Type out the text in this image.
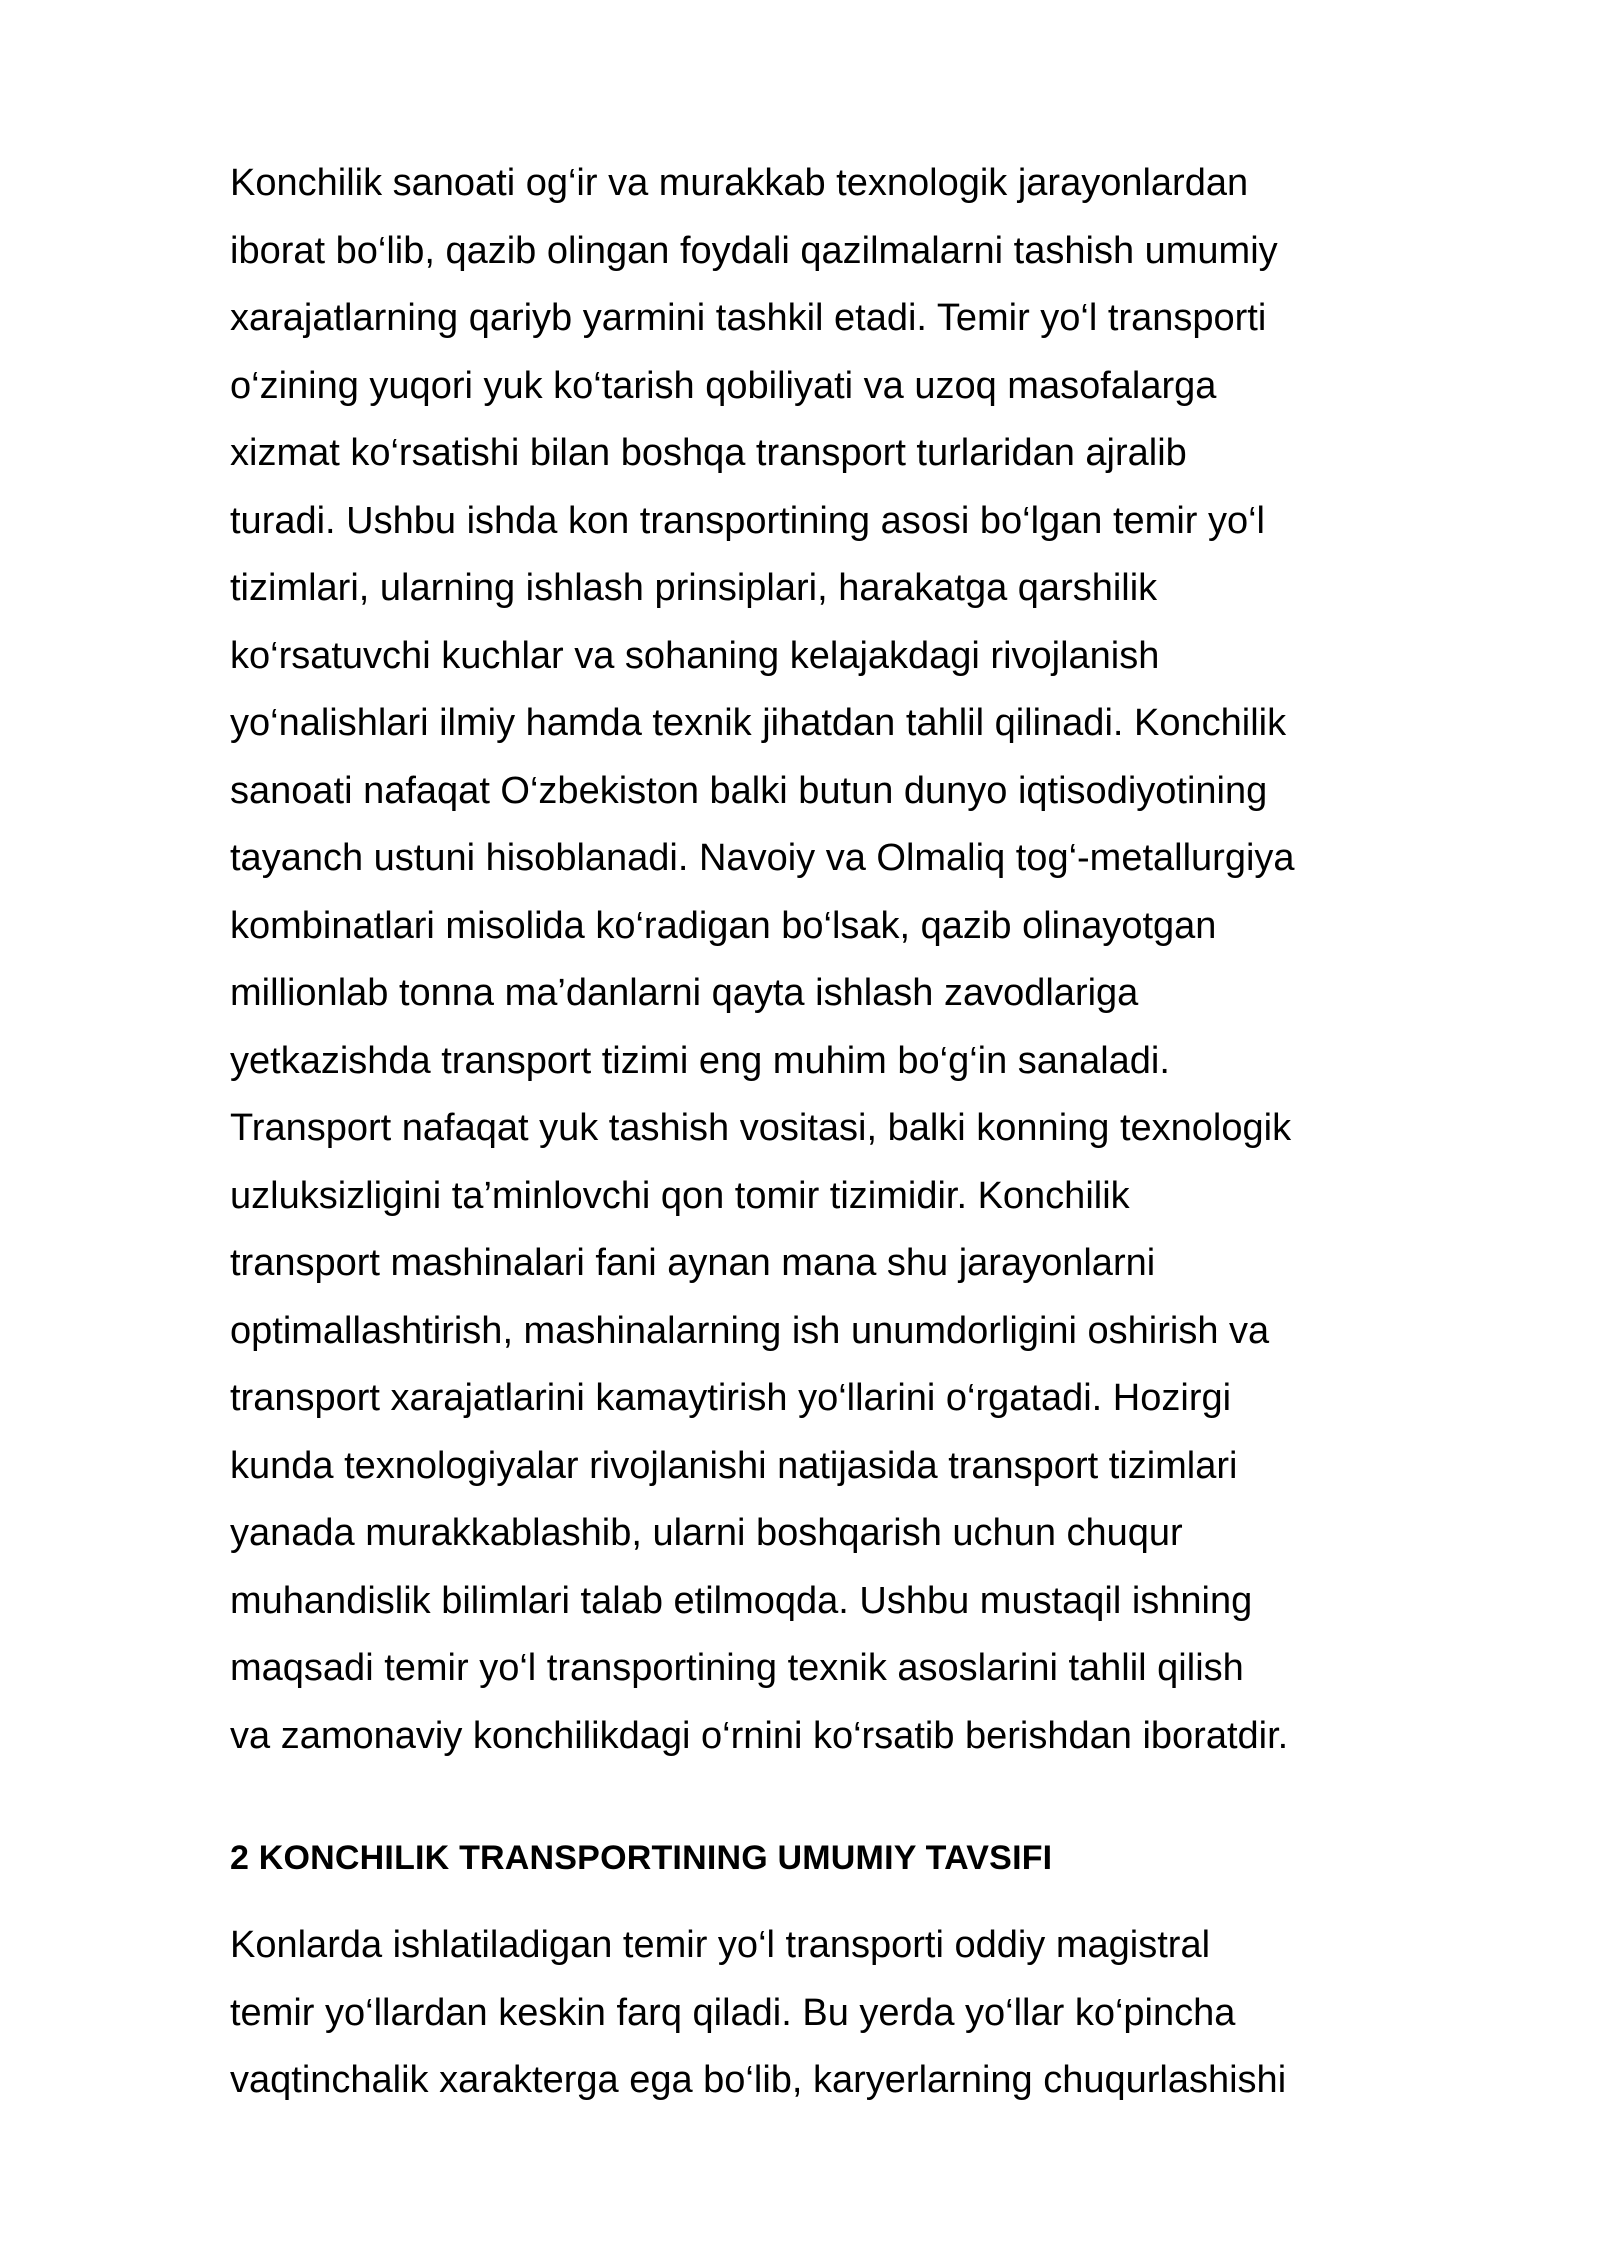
Konchilik sanoati og‘ir va murakkab texnologik jarayonlardan
iborat bo‘lib, qazib olingan foydali qazilmalarni tashish umumiy
xarajatlarning qariyb yarmini tashkil etadi. Temir yo‘l transporti
o‘zining yuqori yuk ko‘tarish qobiliyati va uzoq masofalarga
xizmat ko‘rsatishi bilan boshqa transport turlaridan ajralib
turadi. Ushbu ishda kon transportining asosi bo‘lgan temir yo‘l
tizimlari, ularning ishlash prinsiplari, harakatga qarshilik
ko‘rsatuvchi kuchlar va sohaning kelajakdagi rivojlanish
yo‘nalishlari ilmiy hamda texnik jihatdan tahlil qilinadi. Konchilik
sanoati nafaqat O‘zbekiston balki butun dunyo iqtisodiyotining
tayanch ustuni hisoblanadi. Navoiy va Olmaliq tog‘-metallurgiya
kombinatlari misolida ko‘radigan bo‘lsak, qazib olinayotgan
millionlab tonna ma’danlarni qayta ishlash zavodlariga
yetkazishda transport tizimi eng muhim bo‘g‘in sanaladi.
Transport nafaqat yuk tashish vositasi, balki konning texnologik
uzluksizligini ta’minlovchi qon tomir tizimidir. Konchilik
transport mashinalari fani aynan mana shu jarayonlarni
optimallashtirish, mashinalarning ish unumdorligini oshirish va
transport xarajatlarini kamaytirish yo‘llarini o‘rgatadi. Hozirgi
kunda texnologiyalar rivojlanishi natijasida transport tizimlari
yanada murakkablashib, ularni boshqarish uchun chuqur
muhandislik bilimlari talab etilmoqda. Ushbu mustaqil ishning
maqsadi temir yo‘l transportining texnik asoslarini tahlil qilish
va zamonaviy konchilikdagi o‘rnini ko‘rsatib berishdan iboratdir.
2 KONCHILIK TRANSPORTINING UMUMIY TAVSIFI
Konlarda ishlatiladigan temir yo‘l transporti oddiy magistral
temir yo‘llardan keskin farq qiladi. Bu yerda yo‘llar ko‘pincha
vaqtinchalik xarakterga ega bo‘lib, karyerlarning chuqurlashishi
